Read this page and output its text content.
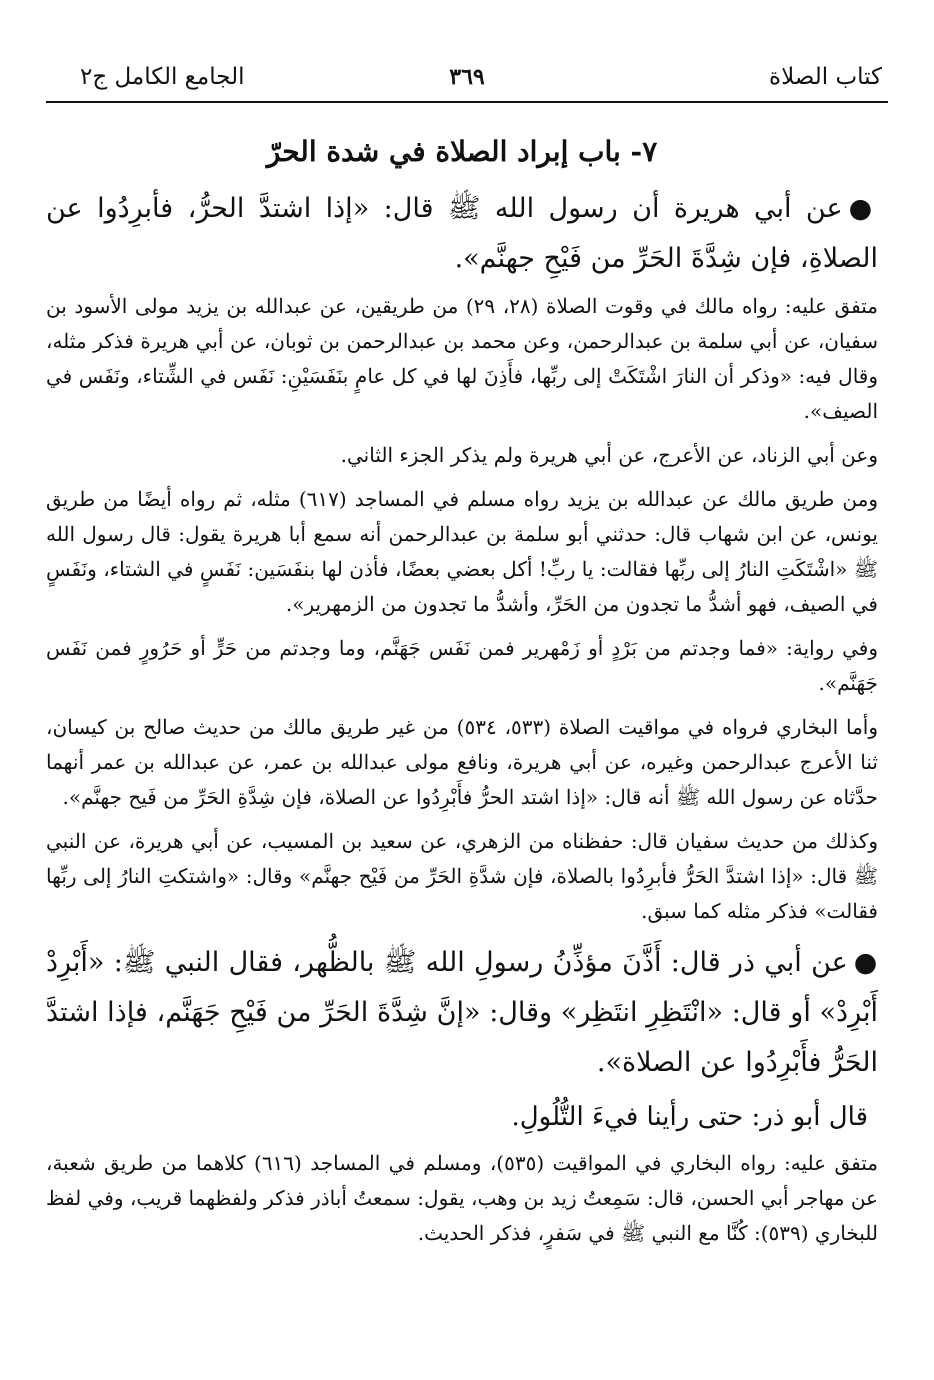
كتاب الصلاة
٣٦٩
الجامع الكامل ج٢
٧- باب إبراد الصلاة في شدة الحرّ

●عن أبي هريرة أن رسول الله ﷺ قال: «إذا اشتدَّ الحرُّ، فأبرِدُوا عن الصلاةِ، فإن شِدَّةَ الحَرِّ من فَيْحِ جهنَّم».

متفق عليه: رواه مالك في وقوت الصلاة (٢٨، ٢٩) من طريقين، عن عبدالله بن يزيد مولى الأسود بن سفيان، عن أبي سلمة بن عبدالرحمن، وعن محمد بن عبدالرحمن بن ثوبان، عن أبي هريرة فذكر مثله، وقال فيه: «وذكر أن النارَ اشْتَكَتْ إلى ربِّها، فأَذِنَ لها في كل عامٍ بنَفَسَيْنِ: نَفَس في الشِّتاء، ونَفَس في الصيف».

وعن أبي الزناد، عن الأعرج، عن أبي هريرة ولم يذكر الجزء الثاني.

ومن طريق مالك عن عبدالله بن يزيد رواه مسلم في المساجد (٦١٧) مثله، ثم رواه أيضًا من طريق يونس، عن ابن شهاب قال: حدثني أبو سلمة بن عبدالرحمن أنه سمع أبا هريرة يقول: قال رسول الله ﷺ «اشْتَكَتِ النارُ إلى ربِّها فقالت: يا ربِّ! أكل بعضي بعضًا، فأذن لها بنفَسَين: نَفَسٍ في الشتاء، ونَفَسٍ في الصيف، فهو أشدُّ ما تجدون من الحَرِّ، وأشدُّ ما تجدون من الزمهرير».

وفي رواية: «فما وجدتم من بَرْدٍ أو زَمْهرير فمن نَفَس جَهَنَّم، وما وجدتم من حَرٍّ أو حَرُورٍ فمن نَفَس جَهَنَّم».

وأما البخاري فرواه في مواقيت الصلاة (٥٣٣، ٥٣٤) من غير طريق مالك من حديث صالح بن كيسان، ثنا الأعرج عبدالرحمن وغيره، عن أبي هريرة، ونافع مولى عبدالله بن عمر، عن عبدالله بن عمر أنهما حدَّثاه عن رسول الله ﷺ أنه قال: «إذا اشتد الحرُّ فأَبْرِدُوا عن الصلاة، فإن شِدَّةِ الحَرِّ من فَيح جهنَّم».

وكذلك من حديث سفيان قال: حفظناه من الزهري، عن سعيد بن المسيب، عن أبي هريرة، عن النبي ﷺ قال: «إذا اشتدَّ الحَرُّ فأبرِدُوا بالصلاة، فإن شدَّةِ الحَرِّ من فَيْح جهنَّم» وقال: «واشتكتِ النارُ إلى ربِّها فقالت» فذكر مثله كما سبق.

●عن أبي ذر قال: أَذَّنَ مؤذِّنُ رسولِ الله ﷺ بالظُّهر، فقال النبي ﷺ: «أَبْرِدْ أَبْرِدْ» أو قال: «انْتَظِرِ انتَظِر» وقال: «إنَّ شِدَّةَ الحَرِّ من فَيْحِ جَهَنَّم، فإذا اشتدَّ الحَرُّ فأَبْرِدُوا عن الصلاة».

قال أبو ذر: حتى رأينا فيءَ التُّلُولِ.

متفق عليه: رواه البخاري في المواقيت (٥٣٥)، ومسلم في المساجد (٦١٦) كلاهما من طريق شعبة، عن مهاجر أبي الحسن، قال: سَمِعتُ زيد بن وهب، يقول: سمعتُ أباذر فذكر ولفظهما قريب، وفي لفظ للبخاري (٥٣٩): كُنَّا مع النبي ﷺ في سَفرٍ، فذكر الحديث.
